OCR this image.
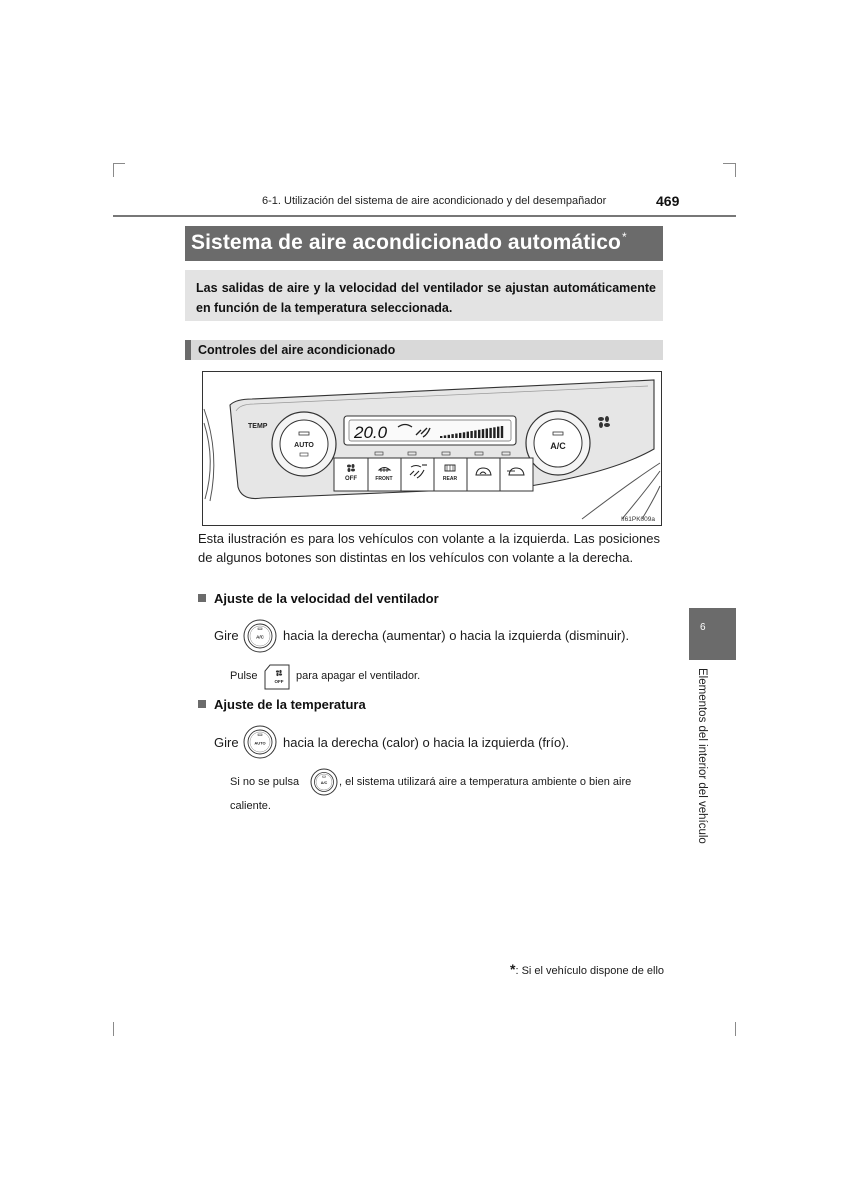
6-1. Utilización del sistema de aire acondicionado y del desempañador	469
Sistema de aire acondicionado automático*
Las salidas de aire y la velocidad del ventilador se ajustan automáticamente en función de la temperatura seleccionada.
Controles del aire acondicionado
TEMP
AUTO	A/C
20.0
OFF	FRONT	REAR
II61PK009a
Esta ilustración es para los vehículos con volante a la izquierda. Las posiciones de algunos botones son distintas en los vehículos con volante a la derecha.
Ajuste de la velocidad del ventilador
Gire	A/C hacia la derecha (aumentar) o hacia la izquierda (disminuir).
Pulse	OFF para apagar el ventilador.
Ajuste de la temperatura
Gire	AUTO hacia la derecha (calor) o hacia la izquierda (frío).
Si no se pulsa	A/C , el sistema utilizará aire a temperatura ambiente o bien aire
caliente.
6
Elementos del interior del vehículo
*: Si el vehículo dispone de ello
